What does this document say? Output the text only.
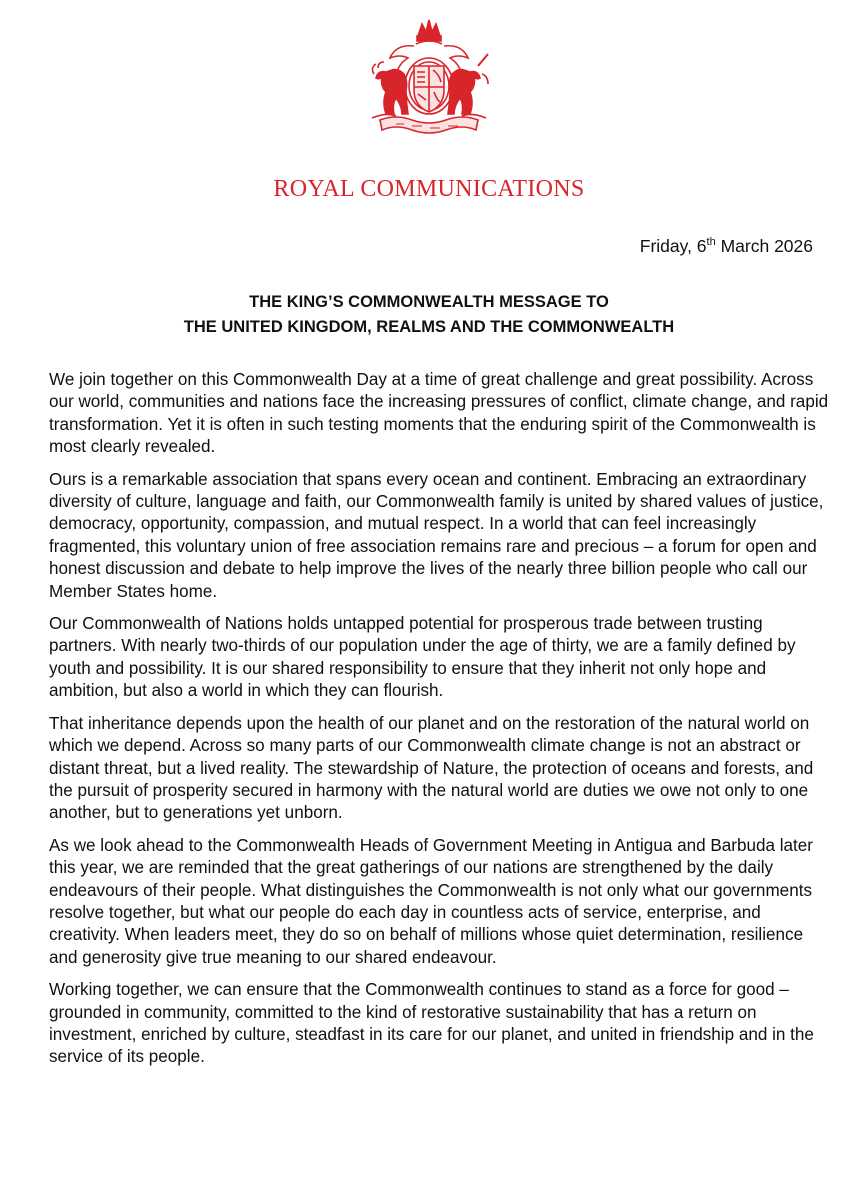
ROYAL COMMUNICATIONS
Friday, 6th March 2026
THE KING’S COMMONWEALTH MESSAGE TO
THE UNITED KINGDOM, REALMS AND THE COMMONWEALTH

We join together on this Commonwealth Day at a time of great challenge and great possibility. Across our world, communities and nations face the increasing pressures of conflict, climate change, and rapid transformation. Yet it is often in such testing moments that the enduring spirit of the Commonwealth is most clearly revealed.

Ours is a remarkable association that spans every ocean and continent. Embracing an extraordinary diversity of culture, language and faith, our Commonwealth family is united by shared values of justice, democracy, opportunity, compassion, and mutual respect. In a world that can feel increasingly fragmented, this voluntary union of free association remains rare and precious – a forum for open and honest discussion and debate to help improve the lives of the nearly three billion people who call our Member States home.

Our Commonwealth of Nations holds untapped potential for prosperous trade between trusting partners. With nearly two-thirds of our population under the age of thirty, we are a family defined by youth and possibility. It is our shared responsibility to ensure that they inherit not only hope and ambition, but also a world in which they can flourish.

That inheritance depends upon the health of our planet and on the restoration of the natural world on which we depend. Across so many parts of our Commonwealth climate change is not an abstract or distant threat, but a lived reality. The stewardship of Nature, the protection of oceans and forests, and the pursuit of prosperity secured in harmony with the natural world are duties we owe not only to one another, but to generations yet unborn.

As we look ahead to the Commonwealth Heads of Government Meeting in Antigua and Barbuda later this year, we are reminded that the great gatherings of our nations are strengthened by the daily endeavours of their people. What distinguishes the Commonwealth is not only what our governments resolve together, but what our people do each day in countless acts of service, enterprise, and creativity. When leaders meet, they do so on behalf of millions whose quiet determination, resilience and generosity give true meaning to our shared endeavour.

Working together, we can ensure that the Commonwealth continues to stand as a force for good – grounded in community, committed to the kind of restorative sustainability that has a return on investment, enriched by culture, steadfast in its care for our planet, and united in friendship and in the service of its people.
